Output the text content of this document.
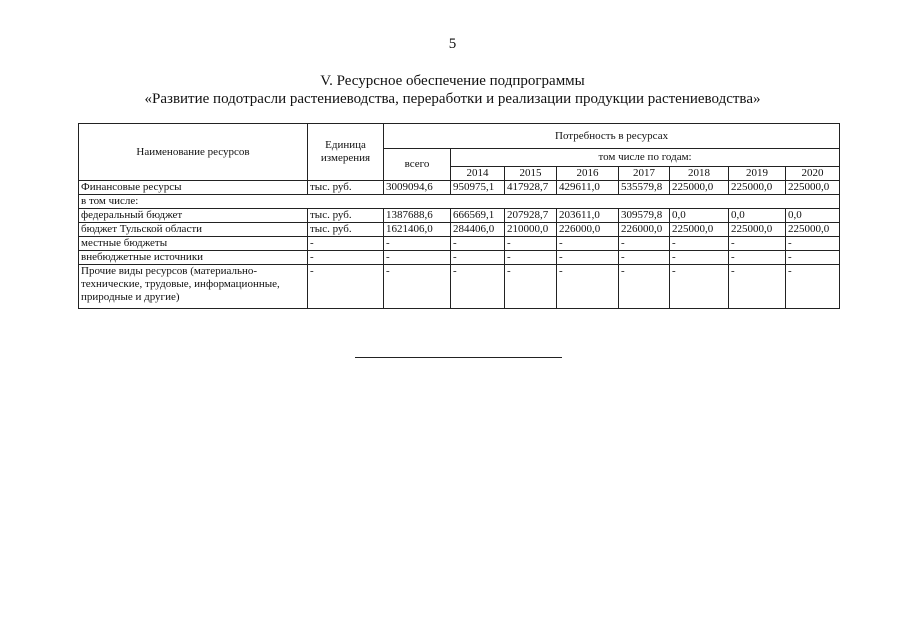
5
V. Ресурсное обеспечение подпрограммы
«Развитие подотрасли растениеводства, переработки и реализации продукции растениеводства»
Наименование ресурсов	Единица измерения	Потребность в ресурсах							
		всего	том числе по годам:						
			2014	2015	2016	2017	2018	2019	2020
Финансовые ресурсы	тыс. руб.	3009094,6	950975,1	417928,7	429611,0	535579,8	225000,0	225000,0	225000,0
в том числе:									
федеральный бюджет	тыс. руб.	1387688,6	666569,1	207928,7	203611,0	309579,8	0,0	0,0	0,0
бюджет Тульской области	тыс. руб.	1621406,0	284406,0	210000,0	226000,0	226000,0	225000,0	225000,0	225000,0
местные бюджеты	-	-	-	-	-	-	-	-	-
внебюджетные источники	-	-	-	-	-	-	-	-	-
Прочие виды ресурсов (материально-технические, трудовые, информационные, природные и другие)	-	-	-	-	-	-	-	-	-
